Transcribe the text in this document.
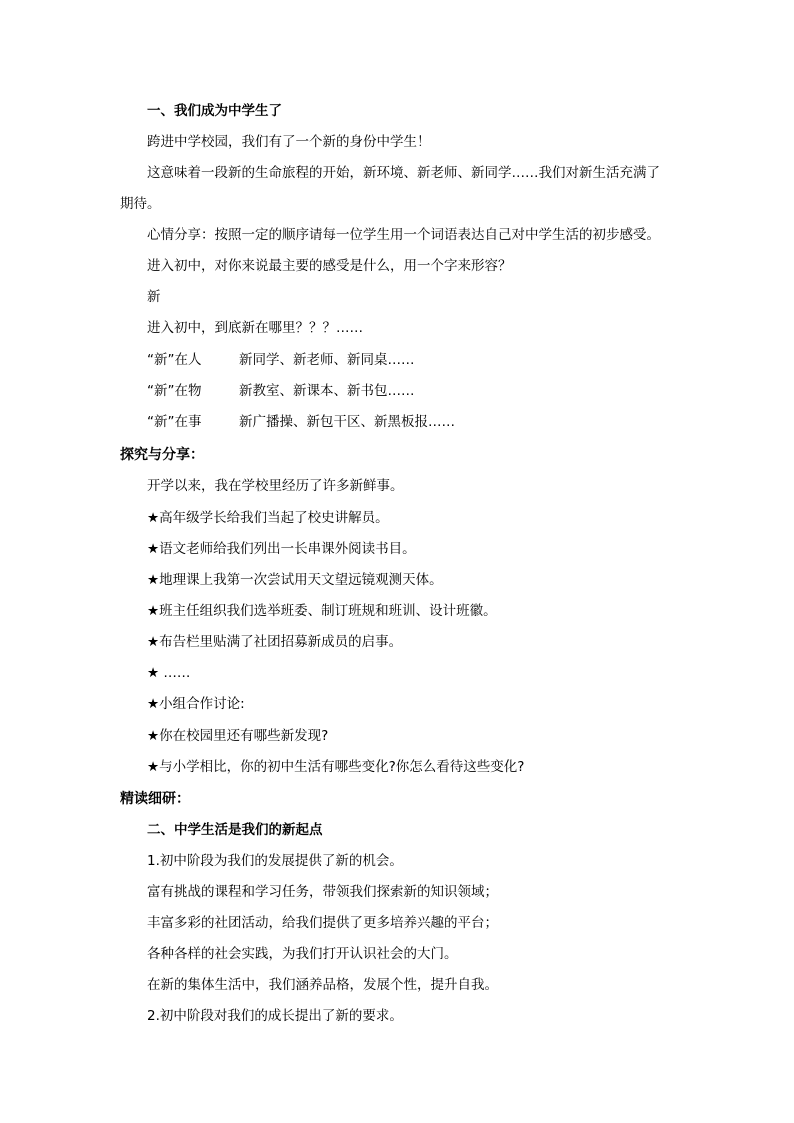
一、我们成为中学生了
跨进中学校园，我们有了一个新的身份中学生！
这意味着一段新的生命旅程的开始，新环境、新老师、新同学……我们对新生活充满了
期待。
心情分享：按照一定的顺序请每一位学生用一个词语表达自己对中学生活的初步感受。
进入初中，对你来说最主要的感受是什么，用一个字来形容？
新
进入初中，到底新在哪里？？？……
“新”在人	新同学、新老师、新同桌……
“新”在物	新教室、新课本、新书包……
“新”在事	新广播操、新包干区、新黑板报……
探究与分享：
开学以来，我在学校里经历了许多新鲜事。
★高年级学长给我们当起了校史讲解员。
★语文老师给我们列出一长串课外阅读书目。
★地理课上我第一次尝试用天文望远镜观测天体。
★班主任组织我们选举班委、制订班规和班训、设计班徽。
★布告栏里贴满了社团招募新成员的启事。
★ ……
★小组合作讨论:
★你在校园里还有哪些新发现?
★与小学相比，你的初中生活有哪些变化?你怎么看待这些变化?
精读细研：
二、中学生活是我们的新起点
1.初中阶段为我们的发展提供了新的机会。
富有挑战的课程和学习任务，带领我们探索新的知识领域；
丰富多彩的社团活动，给我们提供了更多培养兴趣的平台；
各种各样的社会实践，为我们打开认识社会的大门。
在新的集体生活中，我们涵养品格，发展个性，提升自我。
2.初中阶段对我们的成长提出了新的要求。
